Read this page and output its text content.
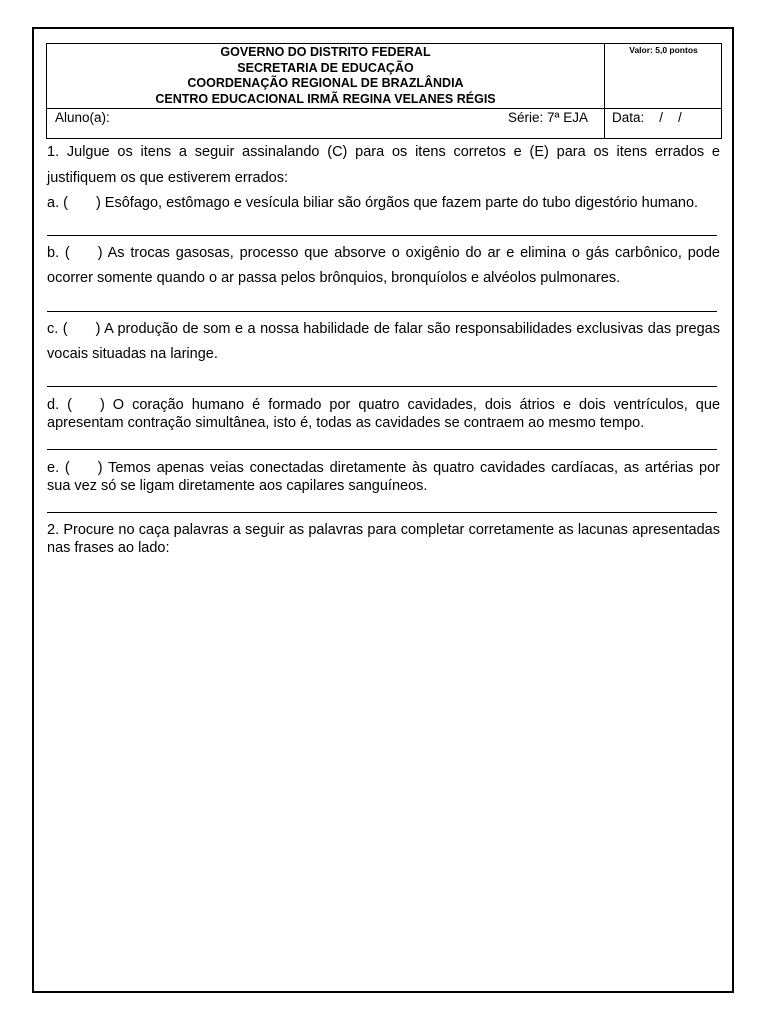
GOVERNO DO DISTRITO FEDERAL
SECRETARIA DE EDUCAÇÃO
COORDENAÇÃO REGIONAL DE BRAZLÂNDIA
CENTRO EDUCACIONAL IRMÃ REGINA VELANES RÉGIS
Valor: 5,0 pontos
Aluno(a):	Série: 7ª EJA	Data:    /    /

1. Julgue os itens a seguir assinalando (C) para os itens corretos e (E) para os itens errados e justifiquem os que estiverem errados:

a. ( ) Esôfago, estômago e vesícula biliar são órgãos que fazem parte do tubo digestório humano.

b. ( ) As trocas gasosas, processo que absorve o oxigênio do ar e elimina o gás carbônico, pode ocorrer somente quando o ar passa pelos brônquios, bronquíolos e alvéolos pulmonares.

c. ( ) A produção de som e a nossa habilidade de falar são responsabilidades exclusivas das pregas vocais situadas na laringe.

d. ( ) O coração humano é formado por quatro cavidades, dois átrios e dois ventrículos, que apresentam contração simultânea, isto é, todas as cavidades se contraem ao mesmo tempo.

e. ( ) Temos apenas veias conectadas diretamente às quatro cavidades cardíacas, as artérias por sua vez só se ligam diretamente aos capilares sanguíneos.

2. Procure no caça palavras a seguir as palavras para completar corretamente as lacunas apresentadas nas frases ao lado:
